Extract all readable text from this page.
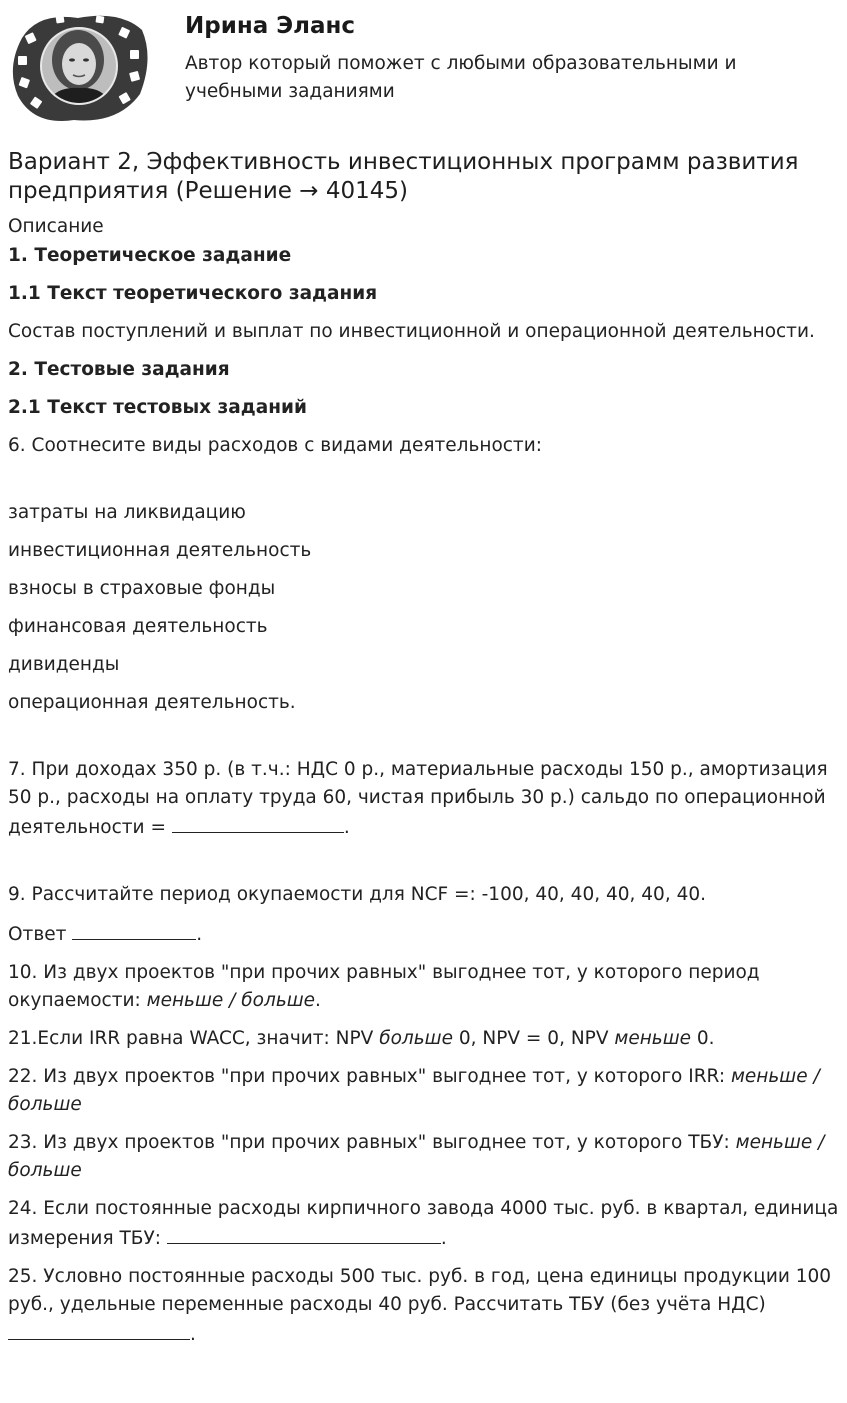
Ирина Эланс

Автор который поможет с любыми образовательными и учебными заданиями

Вариант 2, Эффективность инвестиционных программ развития предприятия (Решение → 40145)
Описание

1. Теоретическое задание

1.1 Текст теоретического задания

Состав поступлений и выплат по инвестиционной и операционной деятельности.

2. Тестовые задания

2.1 Текст тестовых заданий

6. Соотнесите виды расходов с видами деятельности:

затраты на ликвидацию

инвестиционная деятельность

взносы в страховые фонды

финансовая деятельность

дивиденды

операционная деятельность.

7. При доходах 350 р. (в т.ч.: НДС 0 р., материальные расходы 150 р., амортизация 50 р., расходы на оплату труда 60, чистая прибыль 30 р.) сальдо по операционной деятельности =	.

9. Рассчитайте период окупаемости для NCF =: -100, 40, 40, 40, 40, 40.

Ответ	.

10. Из двух проектов "при прочих равных" выгоднее тот, у которого период окупаемости: меньше / больше.

21.Если IRR равна WACC, значит: NPV больше 0, NPV = 0, NPV меньше 0.

22. Из двух проектов "при прочих равных" выгоднее тот, у которого IRR: меньше / больше

23. Из двух проектов "при прочих равных" выгоднее тот, у которого ТБУ: меньше / больше

24. Если постоянные расходы кирпичного завода 4000 тыс. руб. в квартал, единица измерения ТБУ:	.

25. Условно постоянные расходы 500 тыс. руб. в год, цена единицы продукции 100 руб., удельные переменные расходы 40 руб. Рассчитать ТБУ (без учёта НДС) .
